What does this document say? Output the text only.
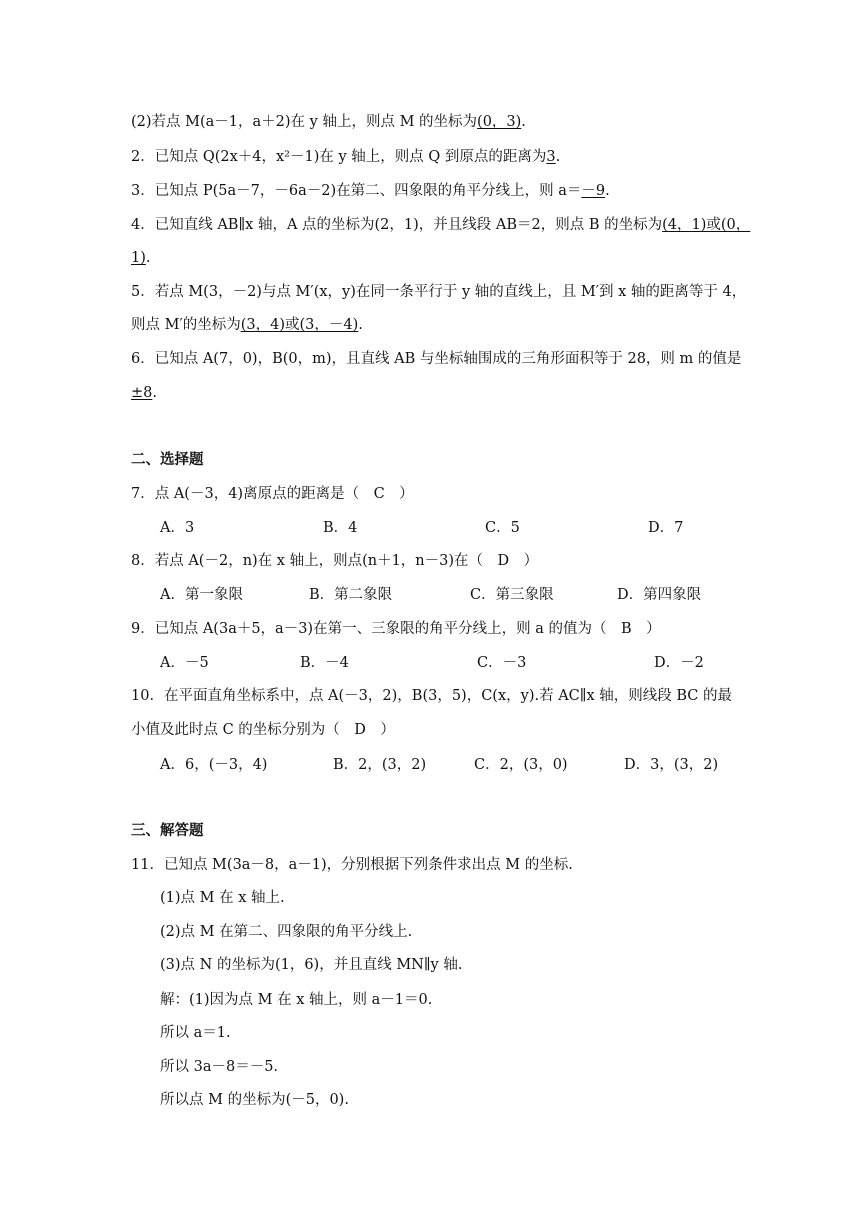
(2)若点 M(a－1，a＋2)在 y 轴上，则点 M 的坐标为(0，3).
2．已知点 Q(2x＋4，x²－1)在 y 轴上，则点 Q 到原点的距离为3.
3．已知点 P(5a－7，－6a－2)在第二、四象限的角平分线上，则 a＝－9.
4．已知直线 AB∥x 轴，A 点的坐标为(2，1)，并且线段 AB＝2，则点 B 的坐标为(4，1)或(0，
1).
5．若点 M(3，－2)与点 M′(x，y)在同一条平行于 y 轴的直线上，且 M′到 x 轴的距离等于 4，
则点 M′的坐标为(3，4)或(3，－4).
6．已知点 A(7，0)，B(0，m)，且直线 AB 与坐标轴围成的三角形面积等于 28，则 m 的值是
±8.
二、选择题
7．点 A(－3，4)离原点的距离是（　C　）
A．3	B．4	C．5	D．7
8．若点 A(－2，n)在 x 轴上，则点(n＋1，n－3)在（　D　）
A．第一象限	B．第二象限	C．第三象限	D．第四象限
9．已知点 A(3a＋5，a－3)在第一、三象限的角平分线上，则 a 的值为（　B　）
A．－5	B．－4	C．－3	D．－2
10．在平面直角坐标系中，点 A(－3，2)，B(3，5)，C(x，y).若 AC∥x 轴，则线段 BC 的最
小值及此时点 C 的坐标分别为（　D　）
A．6，(－3，4)	B．2，(3，2)	C．2，(3，0)	D．3，(3，2)
三、解答题
11．已知点 M(3a－8，a－1)，分别根据下列条件求出点 M 的坐标.
(1)点 M 在 x 轴上.
(2)点 M 在第二、四象限的角平分线上.
(3)点 N 的坐标为(1，6)，并且直线 MN∥y 轴.
解：(1)因为点 M 在 x 轴上，则 a－1＝0.
所以 a＝1.
所以 3a－8＝－5.
所以点 M 的坐标为(－5，0).
